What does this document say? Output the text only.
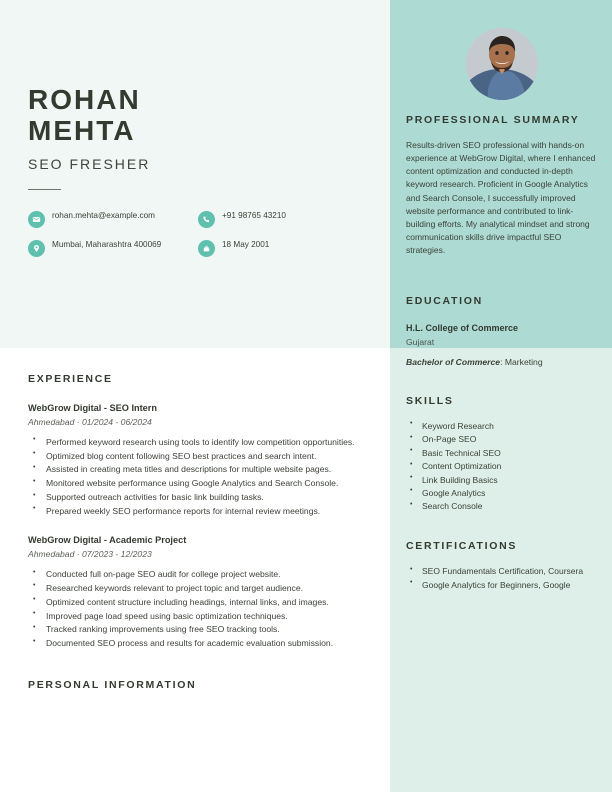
ROHAN
MEHTA
SEO FRESHER
rohan.mehta@example.com	+91 98765 43210
Mumbai, Maharashtra 400069	18 May 2001
PROFESSIONAL SUMMARY

Results-driven SEO professional with hands-on experience at WebGrow Digital, where I enhanced content optimization and conducted in-depth keyword research. Proficient in Google Analytics and Search Console, I successfully improved website performance and contributed to link-building efforts. My analytical mindset and strong communication skills drive impactful SEO strategies.

EDUCATION
H.L. College of Commerce
Gujarat
Bachelor of Commerce: Marketing
SKILLS
• Keyword Research
• On-Page SEO
• Basic Technical SEO
• Content Optimization
• Link Building Basics
• Google Analytics
• Search Console
CERTIFICATIONS
• SEO Fundamentals Certification, Coursera
• Google Analytics for Beginners, Google
EXPERIENCE
WebGrow Digital - SEO Intern
Ahmedabad · 01/2024 - 06/2024
• Performed keyword research using tools to identify low competition opportunities.
• Optimized blog content following SEO best practices and search intent.
• Assisted in creating meta titles and descriptions for multiple website pages.
• Monitored website performance using Google Analytics and Search Console.
• Supported outreach activities for basic link building tasks.
• Prepared weekly SEO performance reports for internal review meetings.
WebGrow Digital - Academic Project
Ahmedabad · 07/2023 - 12/2023
• Conducted full on-page SEO audit for college project website.
• Researched keywords relevant to project topic and target audience.
• Optimized content structure including headings, internal links, and images.
• Improved page load speed using basic optimization techniques.
• Tracked ranking improvements using free SEO tracking tools.
• Documented SEO process and results for academic evaluation submission.
PERSONAL INFORMATION
